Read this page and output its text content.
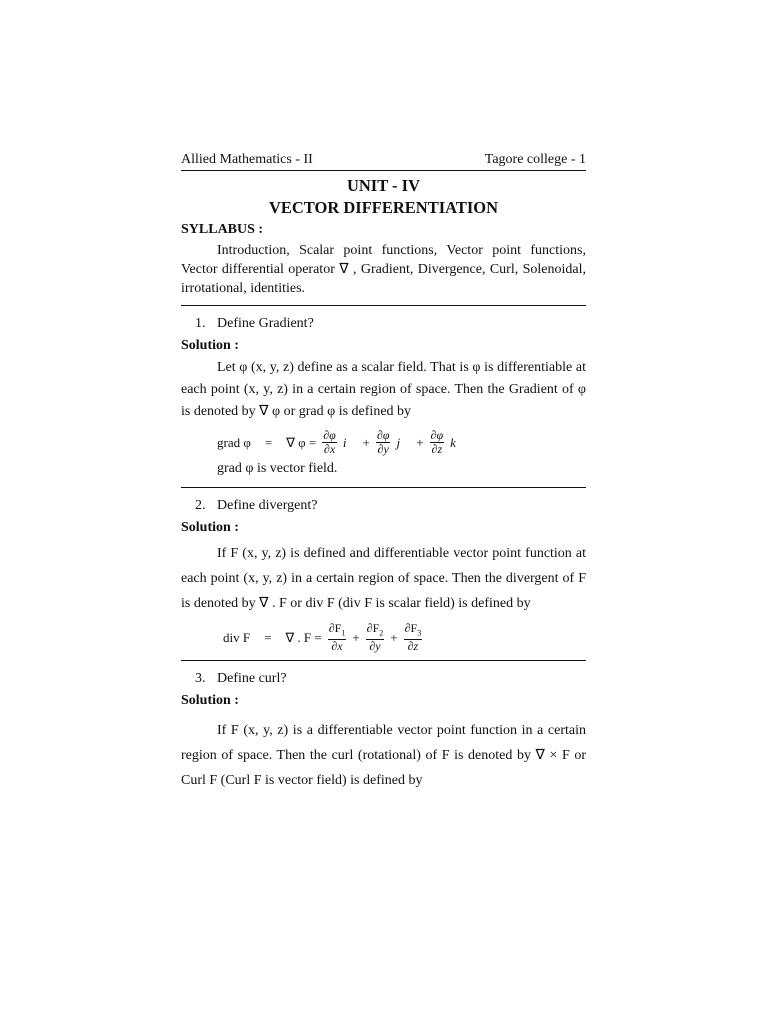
Allied Mathematics - II	Tagore college - 1
UNIT - IV
VECTOR DIFFERENTIATION
SYLLABUS :
Introduction, Scalar point functions, Vector point functions, Vector differential operator ∇ , Gradient, Divergence, Curl, Solenoidal, irrotational, identities.
1. Define Gradient?
Solution :
Let φ (x, y, z) define as a scalar field. That is φ is differentiable at each point (x, y, z) in a certain region of space. Then the Gradient of φ is denoted by ∇ φ or grad φ is defined by
grad φ = ∇ $\varphi = \frac{\partial\varphi}{\partial x}$ i⃗ + $\frac{\partial\varphi}{\partial y}$ j⃗ + $\frac{\partial\varphi}{\partial z}$ k⃗
grad φ is vector field.
2. Define divergent?
Solution :
If F (x, y, z) is defined and differentiable vector point function at each point (x, y, z) in a certain region of space. Then the divergent of F is denoted by ∇ . F or div F (div F is scalar field) is defined by
div F = ∇ . $F = \frac{\partial F_1}{\partial x} + \frac{\partial F_2}{\partial y} + \frac{\partial F_3}{\partial z}$
3. Define curl?
Solution :
If F (x, y, z) is a differentiable vector point function in a certain region of space. Then the curl (rotational) of F is denoted by ∇ × F or Curl F (Curl F is vector field) is defined by
